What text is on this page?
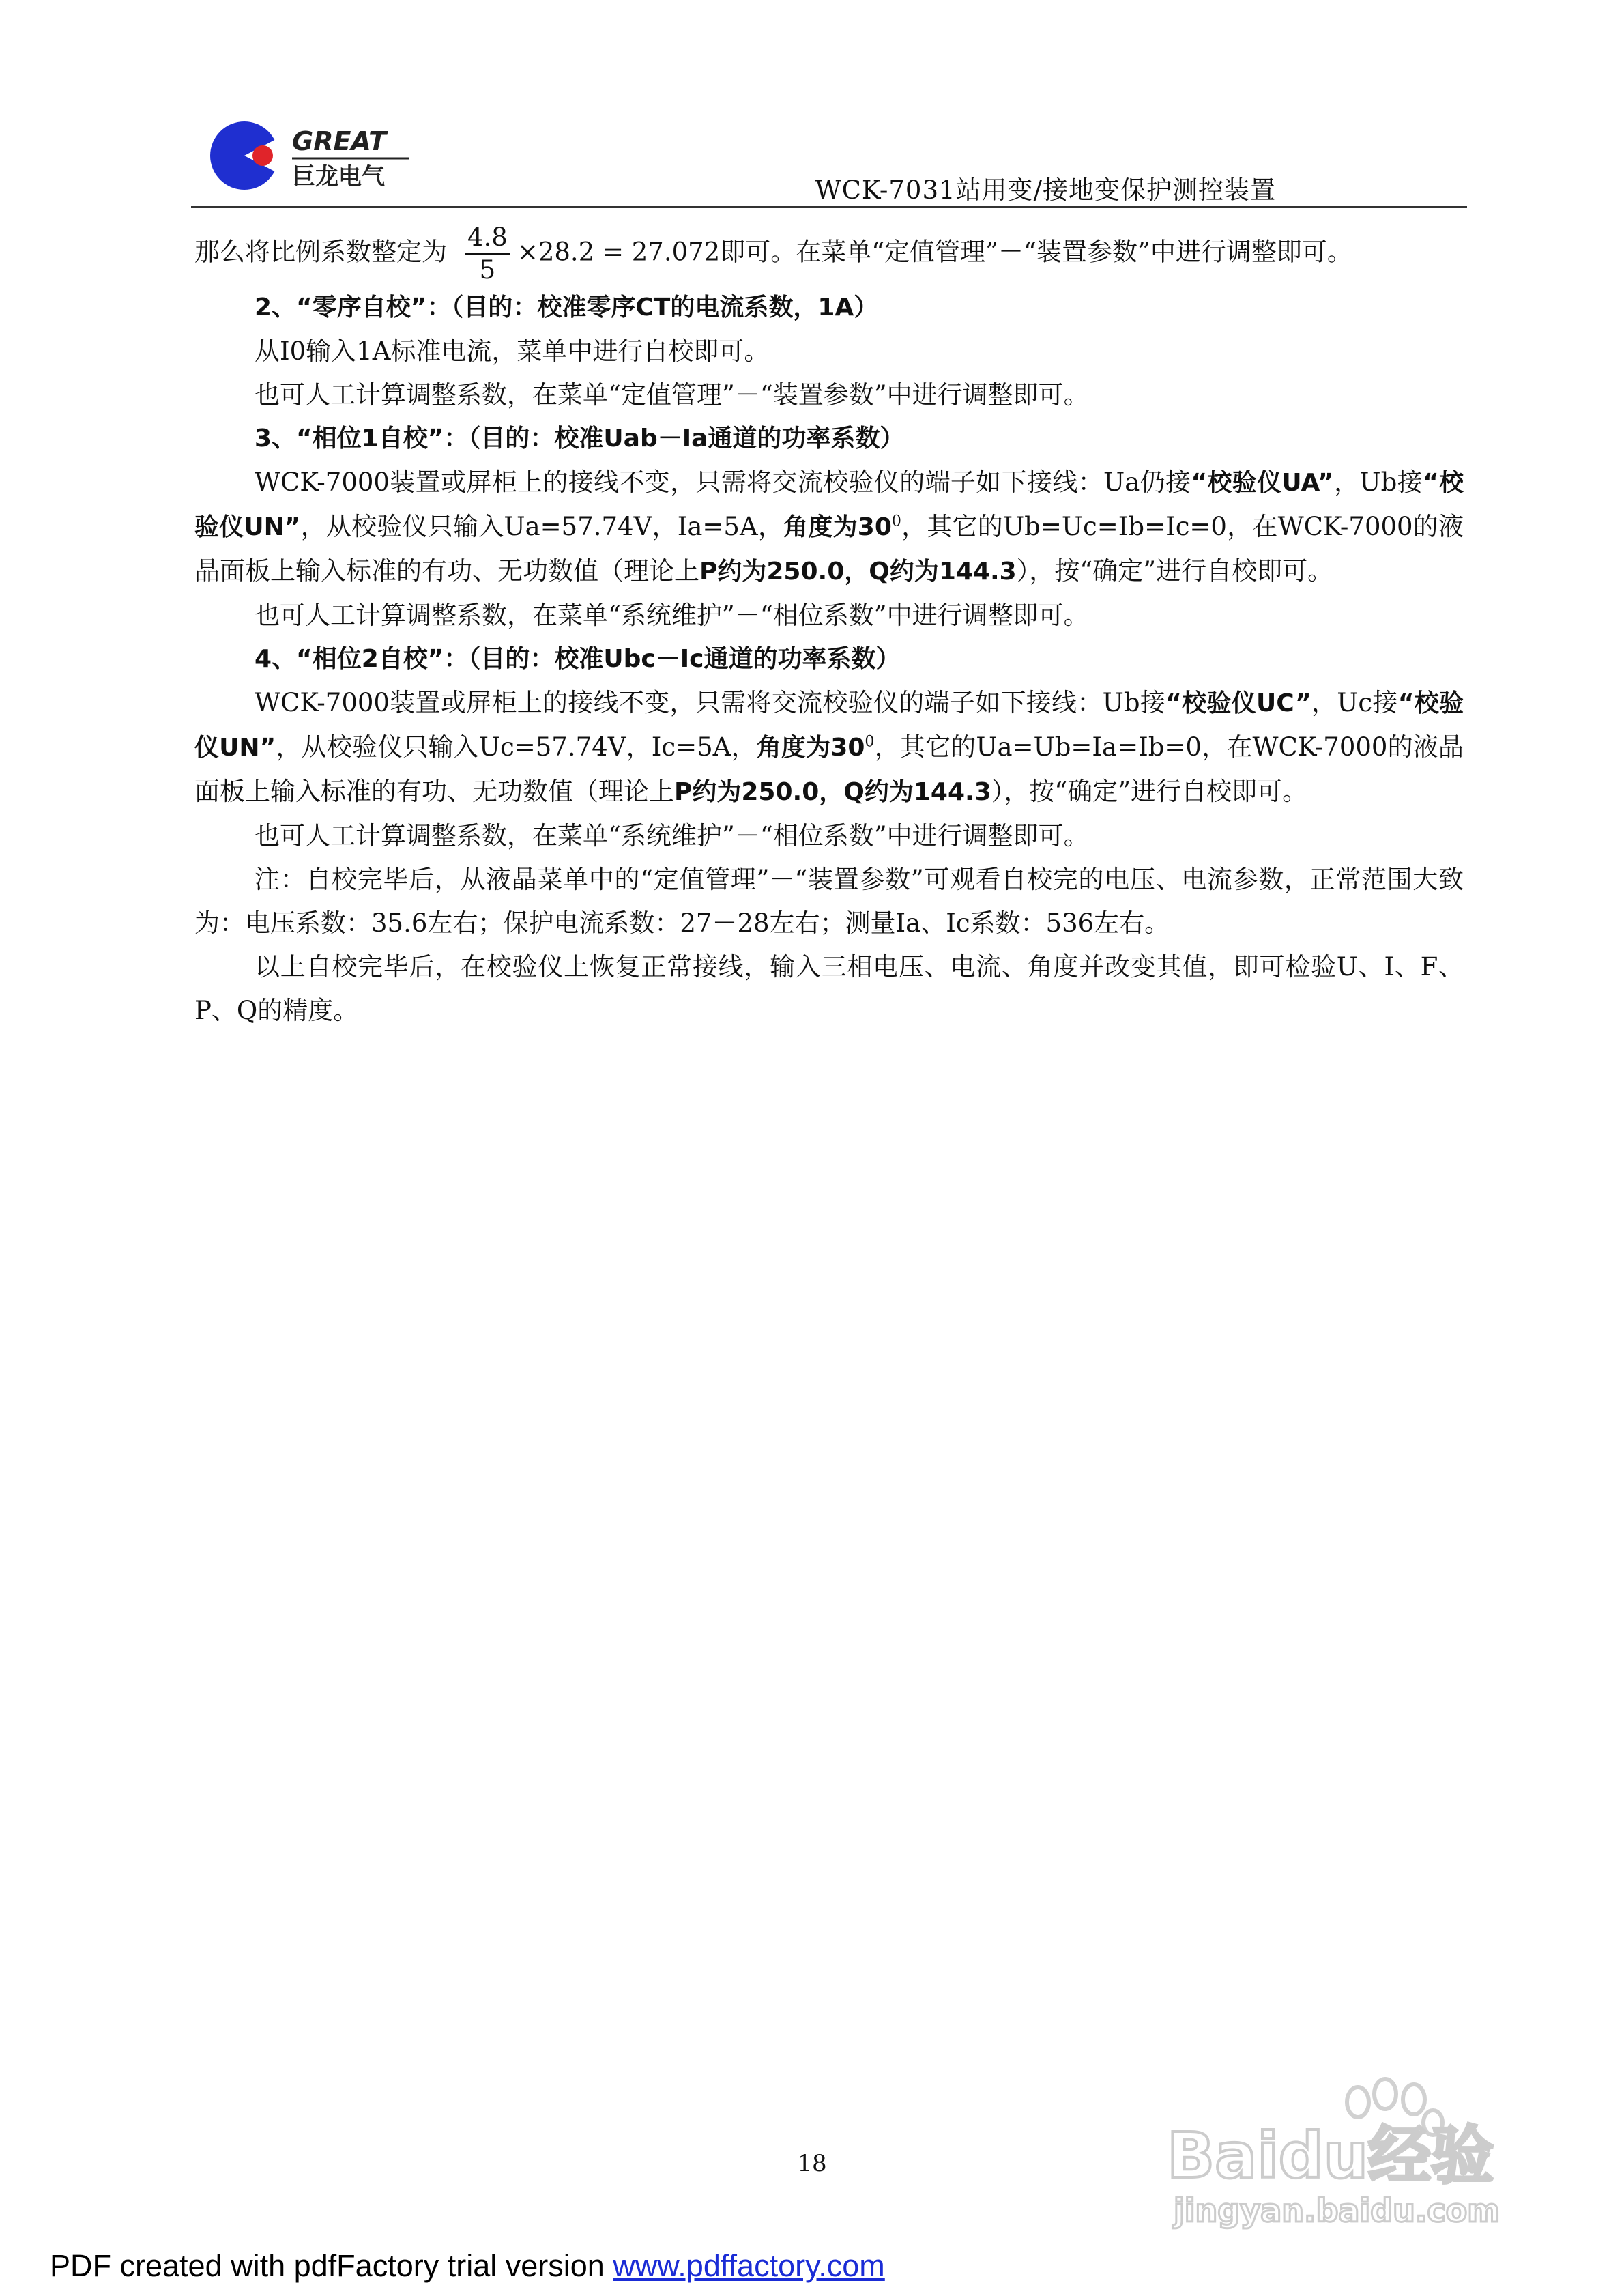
GREAT
巨龙电气	WCK-7031站用变/接地变保护测控装置

那么将比例系数整定为 $\frac{4.8}{5} \times 28.2 = 27.072$即可。在菜单“定值管理”－“装置参数”中进行调整即可。

2、“零序自校”：（目的：校准零序CT的电流系数，1A）

从I0输入1A标准电流，菜单中进行自校即可。

也可人工计算调整系数，在菜单“定值管理”－“装置参数”中进行调整即可。

3、“相位1自校”：（目的：校准Uab－Ia通道的功率系数）

WCK-7000装置或屏柜上的接线不变，只需将交流校验仪的端子如下接线：Ua仍接“校验仪UA”，Ub接“校验仪UN”，从校验仪只输入Ua=57.74V，Ia=5A，角度为$30^0$，其它的Ub=Uc=Ib=Ic=0，在WCK-7000的液晶面板上输入标准的有功、无功数值（理论上P约为250.0，Q约为144.3），按“确定”进行自校即可。

也可人工计算调整系数，在菜单“系统维护”－“相位系数”中进行调整即可。

4、“相位2自校”：（目的：校准Ubc－Ic通道的功率系数）

WCK-7000装置或屏柜上的接线不变，只需将交流校验仪的端子如下接线：Ub接“校验仪UC”，Uc接“校验仪UN”，从校验仪只输入Uc=57.74V，Ic=5A，角度为$30^0$，其它的Ua=Ub=Ia=Ib=0，在WCK-7000的液晶面板上输入标准的有功、无功数值（理论上P约为250.0，Q约为144.3），按“确定”进行自校即可。

也可人工计算调整系数，在菜单“系统维护”－“相位系数”中进行调整即可。

注：自校完毕后，从液晶菜单中的“定值管理”－“装置参数”可观看自校完的电压、电流参数，正常范围大致为：电压系数：35.6左右；保护电流系数：27－28左右；测量Ia、Ic系数：536左右。

以上自校完毕后，在校验仪上恢复正常接线，输入三相电压、电流、角度并改变其值，即可检验U、I、F、P、Q的精度。

18	Baidu经验
jingyan.baidu.com
PDF created with pdfFactory trial version www.pdffactory.com
